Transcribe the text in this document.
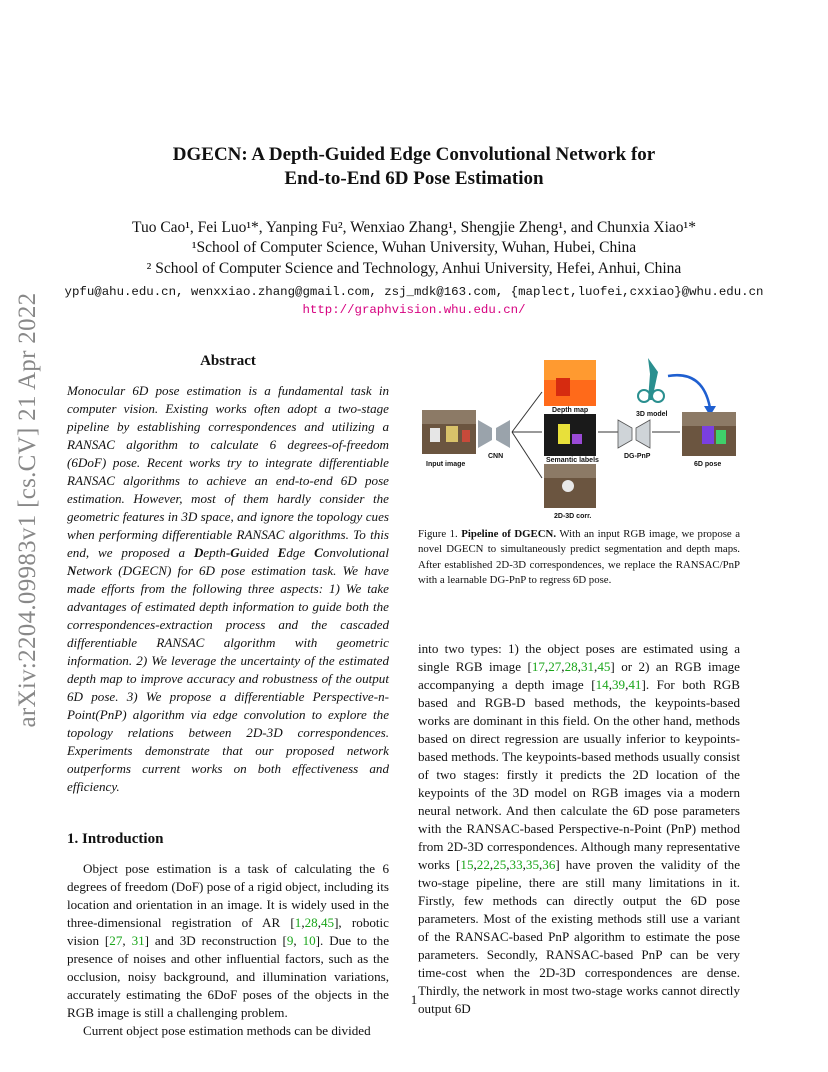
arXiv:2204.09983v1 [cs.CV] 21 Apr 2022
DGECN: A Depth-Guided Edge Convolutional Network for
End-to-End 6D Pose Estimation
Tuo Cao¹, Fei Luo¹*, Yanping Fu², Wenxiao Zhang¹, Shengjie Zheng¹, and Chunxia Xiao¹*
¹School of Computer Science, Wuhan University, Wuhan, Hubei, China
² School of Computer Science and Technology, Anhui University, Hefei, Anhui, China
ypfu@ahu.edu.cn, wenxxiao.zhang@gmail.com, zsj_mdk@163.com, {maplect,luofei,cxxiao}@whu.edu.cn
http://graphvision.whu.edu.cn/
Abstract

Monocular 6D pose estimation is a fundamental task in computer vision. Existing works often adopt a two-stage pipeline by establishing correspondences and utilizing a RANSAC algorithm to calculate 6 degrees-of-freedom (6DoF) pose. Recent works try to integrate differentiable RANSAC algorithms to achieve an end-to-end 6D pose estimation. However, most of them hardly consider the geometric features in 3D space, and ignore the topology cues when performing differentiable RANSAC algorithms. To this end, we proposed a Depth-Guided Edge Convolutional Network (DGECN) for 6D pose estimation task. We have made efforts from the following three aspects: 1) We take advantages of estimated depth information to guide both the correspondences-extraction process and the cascaded differentiable RANSAC algorithm with geometric information. 2) We leverage the uncertainty of the estimated depth map to improve accuracy and robustness of the output 6D pose. 3) We propose a differentiable Perspective-n-Point(PnP) algorithm via edge convolution to explore the topology relations between 2D-3D correspondences. Experiments demonstrate that our proposed network outperforms current works on both effectiveness and efficiency.

1. Introduction

Object pose estimation is a task of calculating the 6 degrees of freedom (DoF) pose of a rigid object, including its location and orientation in an image. It is widely used in the three-dimensional registration of AR [1,28,45], robotic vision [27, 31] and 3D reconstruction [9, 10]. Due to the presence of noises and other influential factors, such as the occlusion, noisy background, and illumination variations, accurately estimating the 6DoF poses of the objects in the RGB image is still a challenging problem.

Current object pose estimation methods can be divided

Input image
CNN
Depth map
Semantic labels
2D-3D corr.
3D model
DG-PnP
6D pose
Figure 1. Pipeline of DGECN. With an input RGB image, we propose a novel DGECN to simultaneously predict segmentation and depth maps. After established 2D-3D correspondences, we replace the RANSAC/PnP with a learnable DG-PnP to regress 6D pose.

into two types: 1) the object poses are estimated using a single RGB image [17,27,28,31,45] or 2) an RGB image accompanying a depth image [14,39,41]. For both RGB based and RGB-D based methods, the keypoints-based works are dominant in this field. On the other hand, methods based on direct regression are usually inferior to keypoints-based methods. The keypoints-based methods usually consist of two stages: firstly it predicts the 2D location of the keypoints of the 3D model on RGB images via a modern neural network. And then calculate the 6D pose parameters with the RANSAC-based Perspective-n-Point (PnP) method from 2D-3D correspondences. Although many representative works [15,22,25,33,35,36] have proven the validity of the two-stage pipeline, there are still many limitations in it. Firstly, few methods can directly output the 6D pose parameters. Most of the existing methods still use a variant of the RANSAC-based PnP algorithm to estimate the pose parameters. Secondly, RANSAC-based PnP can be very time-cost when the 2D-3D correspondences are dense. Thirdly, the network in most two-stage works cannot directly output 6D

1
